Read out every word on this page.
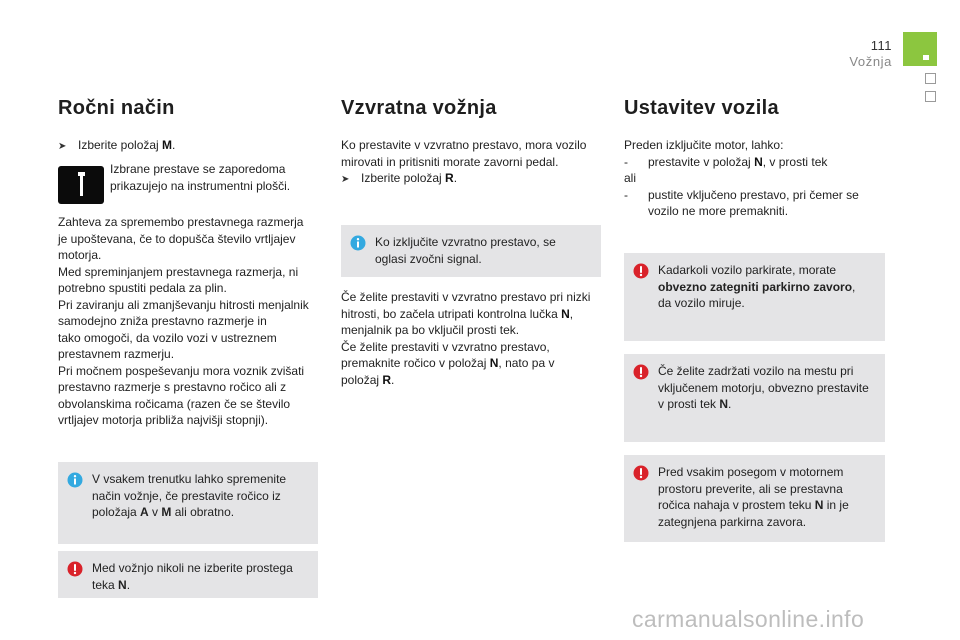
111
Vožnja
Ročni način
➤ Izberite položaj M.
Izbrane prestave se zaporedoma
prikazujejo na instrumentni plošči.
Zahteva za spremembo prestavnega razmerja
je upoštevana, če to dopušča število vrtljajev
motorja.
Med spreminjanjem prestavnega razmerja, ni
potrebno spustiti pedala za plin.
Pri zaviranju ali zmanjševanju hitrosti menjalnik
samodejno zniža prestavno razmerje in
tako omogoči, da vozilo vozi v ustreznem
prestavnem razmerju.
Pri močnem pospeševanju mora voznik zvišati
prestavno razmerje s prestavno ročico ali z
obvolanskima ročicama (razen če se število
vrtljajev motorja približa najvišji stopnji).
V vsakem trenutku lahko spremenite
način vožnje, če prestavite ročico iz
položaja A v M ali obratno.
Med vožnjo nikoli ne izberite prostega
teka N.
Vzvratna vožnja
Ko prestavite v vzvratno prestavo, mora vozilo
mirovati in pritisniti morate zavorni pedal.
➤ Izberite položaj R.
Ko izključite vzvratno prestavo, se
oglasi zvočni signal.
Če želite prestaviti v vzvratno prestavo pri nizki
hitrosti, bo začela utripati kontrolna lučka N,
menjalnik pa bo vključil prosti tek.
Če želite prestaviti v vzvratno prestavo,
premaknite ročico v položaj N, nato pa v
položaj R.
Ustavitev vozila
Preden izključite motor, lahko:
-	prestavite v položaj N, v prosti tek
ali
-	pustite vključeno prestavo, pri čemer se
vozilo ne more premakniti.
Kadarkoli vozilo parkirate, morate
obvezno zategniti parkirno zavoro,
da vozilo miruje.
Če želite zadržati vozilo na mestu pri
vključenem motorju, obvezno prestavite
v prosti tek N.
Pred vsakim posegom v motornem
prostoru preverite, ali se prestavna
ročica nahaja v prostem teku N in je
zategnjena parkirna zavora.
carmanualsonline.info
